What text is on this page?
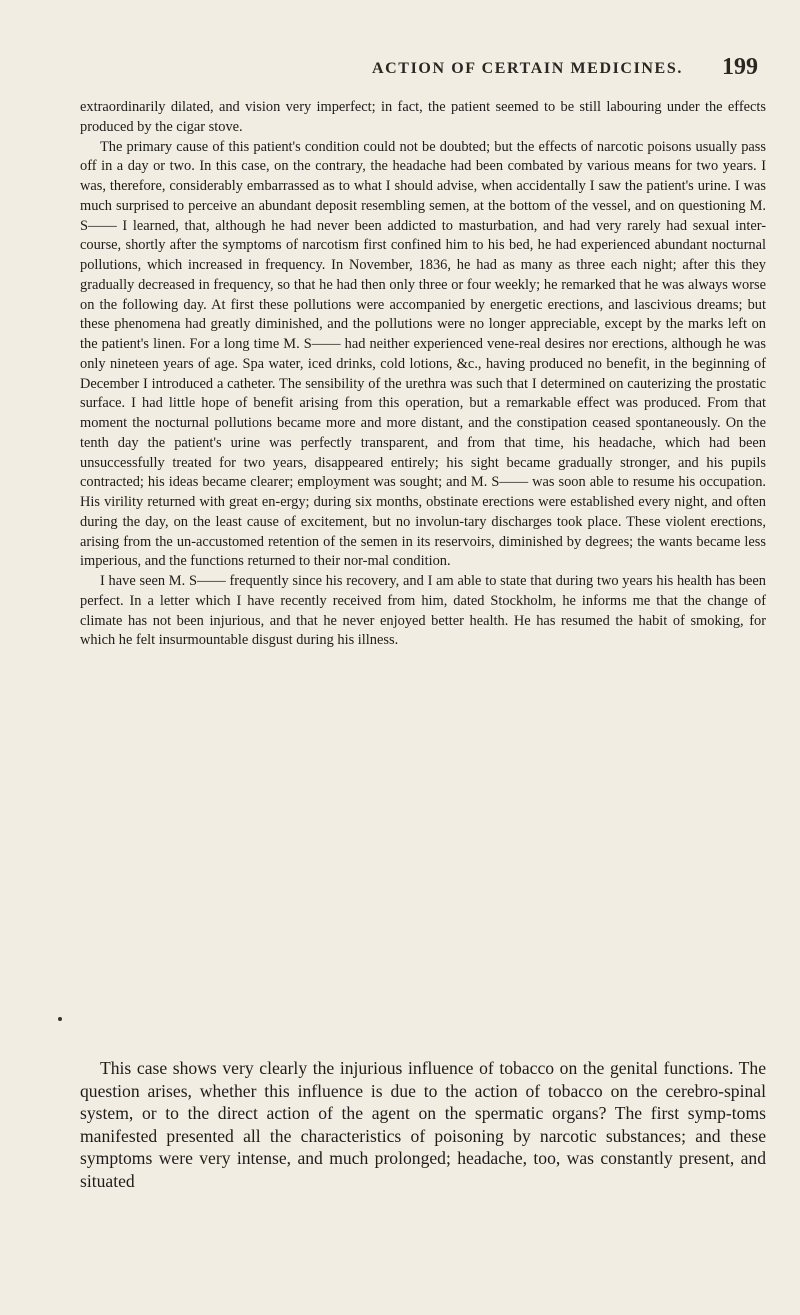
ACTION OF CERTAIN MEDICINES. 199

extraordinarily dilated, and vision very imperfect; in fact, the patient seemed to be still labouring under the effects produced by the cigar stove.

The primary cause of this patient's condition could not be doubted; but the effects of narcotic poisons usually pass off in a day or two. In this case, on the contrary, the headache had been combated by various means for two years. I was, therefore, considerably embarrassed as to what I should advise, when accidentally I saw the patient's urine. I was much surprised to perceive an abundant deposit resembling semen, at the bottom of the vessel, and on questioning M. S—— I learned, that, although he had never been addicted to masturbation, and had very rarely had sexual inter-course, shortly after the symptoms of narcotism first confined him to his bed, he had experienced abundant nocturnal pollutions, which increased in frequency. In November, 1836, he had as many as three each night; after this they gradually decreased in frequency, so that he had then only three or four weekly; he remarked that he was always worse on the following day. At first these pollutions were accompanied by energetic erections, and lascivious dreams; but these phenomena had greatly diminished, and the pollutions were no longer appreciable, except by the marks left on the patient's linen. For a long time M. S—— had neither experienced vene-real desires nor erections, although he was only nineteen years of age. Spa water, iced drinks, cold lotions, &c., having produced no benefit, in the beginning of December I introduced a catheter. The sensibility of the urethra was such that I determined on cauterizing the prostatic surface. I had little hope of benefit arising from this operation, but a remarkable effect was produced. From that moment the nocturnal pollutions became more and more distant, and the constipation ceased spontaneously. On the tenth day the patient's urine was perfectly transparent, and from that time, his headache, which had been unsuccessfully treated for two years, disappeared entirely; his sight became gradually stronger, and his pupils contracted; his ideas became clearer; employment was sought; and M. S—— was soon able to resume his occupation. His virility returned with great en-ergy; during six months, obstinate erections were established every night, and often during the day, on the least cause of excitement, but no involun-tary discharges took place. These violent erections, arising from the un-accustomed retention of the semen in its reservoirs, diminished by degrees; the wants became less imperious, and the functions returned to their nor-mal condition.

I have seen M. S—— frequently since his recovery, and I am able to state that during two years his health has been perfect. In a letter which I have recently received from him, dated Stockholm, he informs me that the change of climate has not been injurious, and that he never enjoyed better health. He has resumed the habit of smoking, for which he felt insurmountable disgust during his illness.

This case shows very clearly the injurious influence of tobacco on the genital functions. The question arises, whether this influence is due to the action of tobacco on the cerebro-spinal system, or to the direct action of the agent on the spermatic organs? The first symp-toms manifested presented all the characteristics of poisoning by narcotic substances; and these symptoms were very intense, and much prolonged; headache, too, was constantly present, and situated
